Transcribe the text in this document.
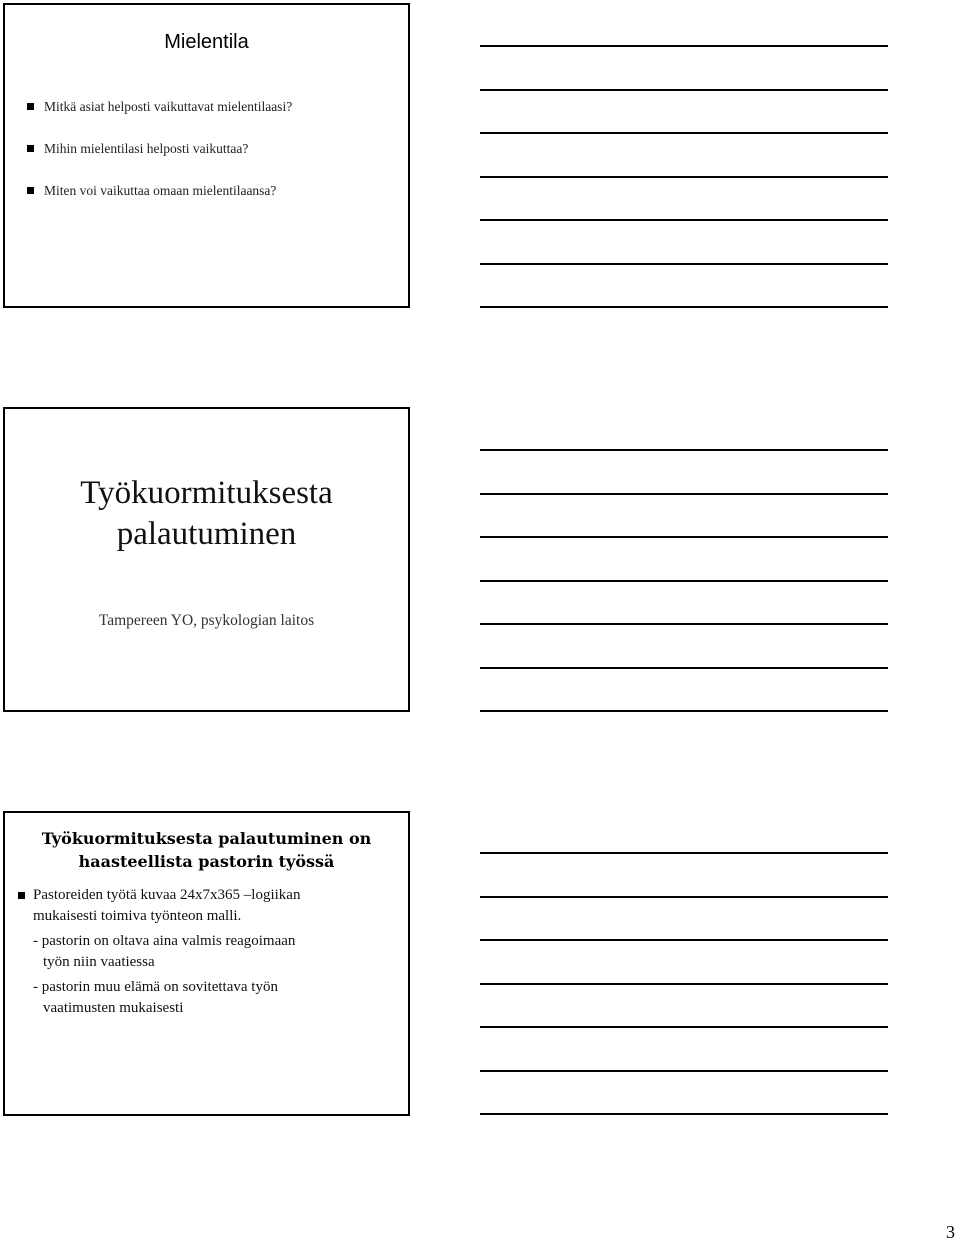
Mielentila
Mitkä asiat helposti vaikuttavat mielentilaasi?
Mihin mielentilasi helposti vaikuttaa?
Miten voi vaikuttaa omaan mielentilaansa?
Työkuormituksesta
palautuminen
Tampereen YO, psykologian laitos
Työkuormituksesta palautuminen on
haasteellista pastorin työssä

Pastoreiden työtä kuvaa 24x7x365 –logiikan
mukaisesti toimiva työnteon malli.

- pastorin on oltava aina valmis reagoimaan
työn niin vaatiessa

- pastorin muu elämä on sovitettava työn
vaatimusten mukaisesti

3
